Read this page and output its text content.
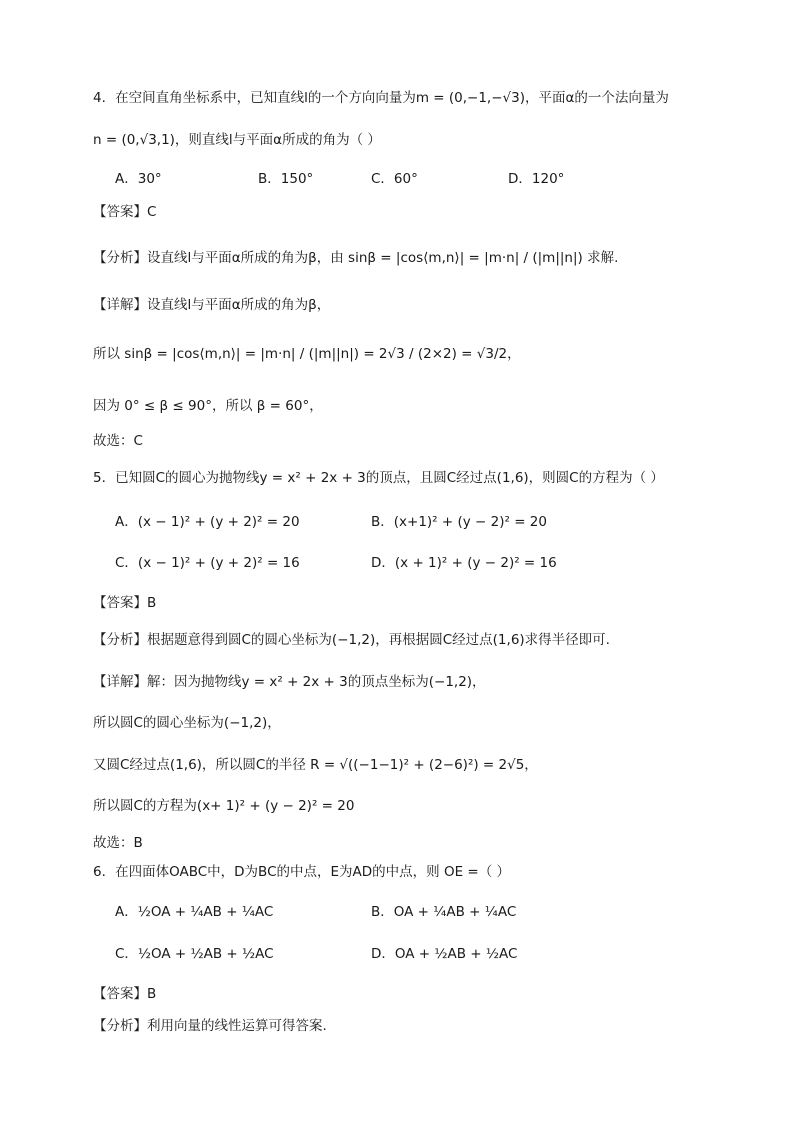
4．在空间直角坐标系中，已知直线l的一个方向向量为m = (0,−1,−√3)，平面α的一个法向量为
n = (0,√3,1)，则直线l与平面α所成的角为（ ）
A．30°	B．150°	C．60°	D．120°
【答案】C
【分析】设直线l与平面α所成的角为β，由 sinβ = |cos⟨m,n⟩| = |m·n| / (|m||n|) 求解.
【详解】设直线l与平面α所成的角为β，
所以 sinβ = |cos⟨m,n⟩| = |m·n| / (|m||n|) = 2√3 / (2×2) = √3/2，
因为 0° ≤ β ≤ 90°，所以 β = 60°，
故选：C
5．已知圆C的圆心为抛物线y = x² + 2x + 3的顶点，且圆C经过点(1,6)，则圆C的方程为（ ）
A．(x − 1)² + (y + 2)² = 20	B．(x+1)² + (y − 2)² = 20
C．(x − 1)² + (y + 2)² = 16	D．(x + 1)² + (y − 2)² = 16
【答案】B
【分析】根据题意得到圆C的圆心坐标为(−1,2)，再根据圆C经过点(1,6)求得半径即可.
【详解】解：因为抛物线y = x² + 2x + 3的顶点坐标为(−1,2)，
所以圆C的圆心坐标为(−1,2)，
又圆C经过点(1,6)，所以圆C的半径 R = √((−1−1)² + (2−6)²) = 2√5，
所以圆C的方程为(x+ 1)² + (y − 2)² = 20
故选：B
6．在四面体OABC中，D为BC的中点，E为AD的中点，则 OE =（ ）
A．½OA + ¼AB + ¼AC	B．OA + ¼AB + ¼AC
C．½OA + ½AB + ½AC	D．OA + ½AB + ½AC
【答案】B
【分析】利用向量的线性运算可得答案.
